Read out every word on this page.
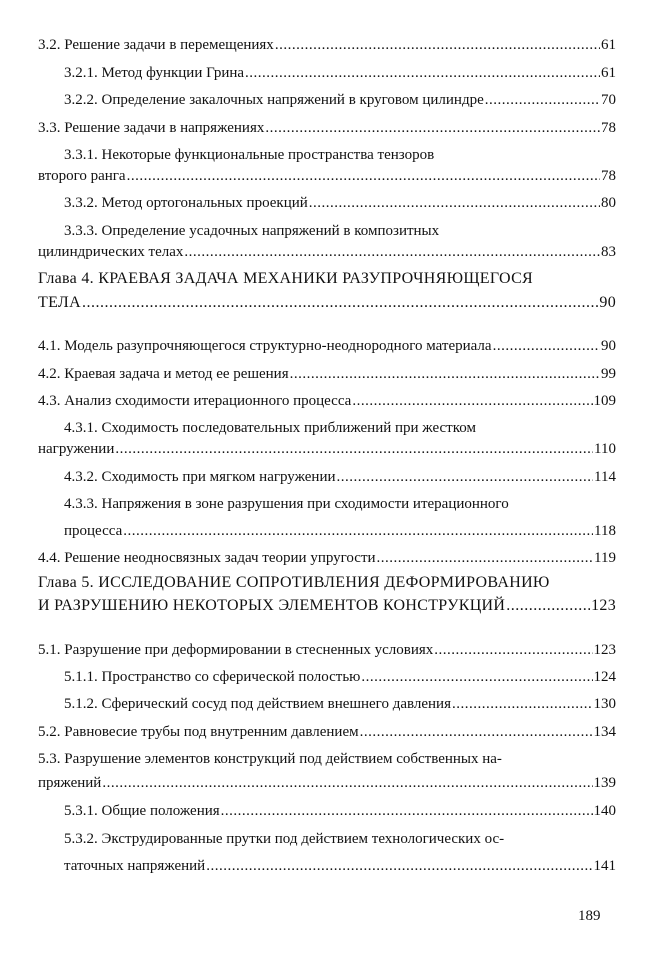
3.2. Решение задачи в перемещениях .....	61
3.2.1. Метод функции Грина .....	61
3.2.2. Определение закалочных напряжений в круговом цилиндре .....	70
3.3. Решение задачи в напряжениях .....	78
3.3.1. Некоторые функциональные пространства тензоров
второго ранга .....	78
3.3.2. Метод ортогональных проекций .....	80
3.3.3. Определение усадочных напряжений в композитных
цилиндрических телах .....	83
Глава 4. КРАЕВАЯ ЗАДАЧА МЕХАНИКИ РАЗУПРОЧНЯЮЩЕГОСЯ
ТЕЛА .....	90
4.1. Модель разупрочняющегося структурно-неоднородного материала .....	90
4.2. Краевая задача и метод ее решения .....	99
4.3. Анализ сходимости итерационного процесса .....	109
4.3.1. Сходимость последовательных приближений при жестком
нагружении .....	110
4.3.2. Сходимость при мягком нагружении .....	114
4.3.3. Напряжения в зоне разрушения при сходимости итерационного
процесса .....	118
4.4. Решение неодносвязных задач теории упругости .....	119
Глава 5. ИССЛЕДОВАНИЕ СОПРОТИВЛЕНИЯ ДЕФОРМИРОВАНИЮ
И РАЗРУШЕНИЮ НЕКОТОРЫХ ЭЛЕМЕНТОВ КОНСТРУКЦИЙ .....	123
5.1. Разрушение при деформировании в стесненных условиях .....	123
5.1.1. Пространство со сферической полостью .....	124
5.1.2. Сферический сосуд под действием внешнего давления .....	130
5.2. Равновесие трубы под внутренним давлением .....	134
5.3. Разрушение элементов конструкций под действием собственных на-
пряжений .....	139
5.3.1. Общие положения .....	140
5.3.2. Экструдированные прутки под действием технологических ос-
таточных напряжений .....	141
189
